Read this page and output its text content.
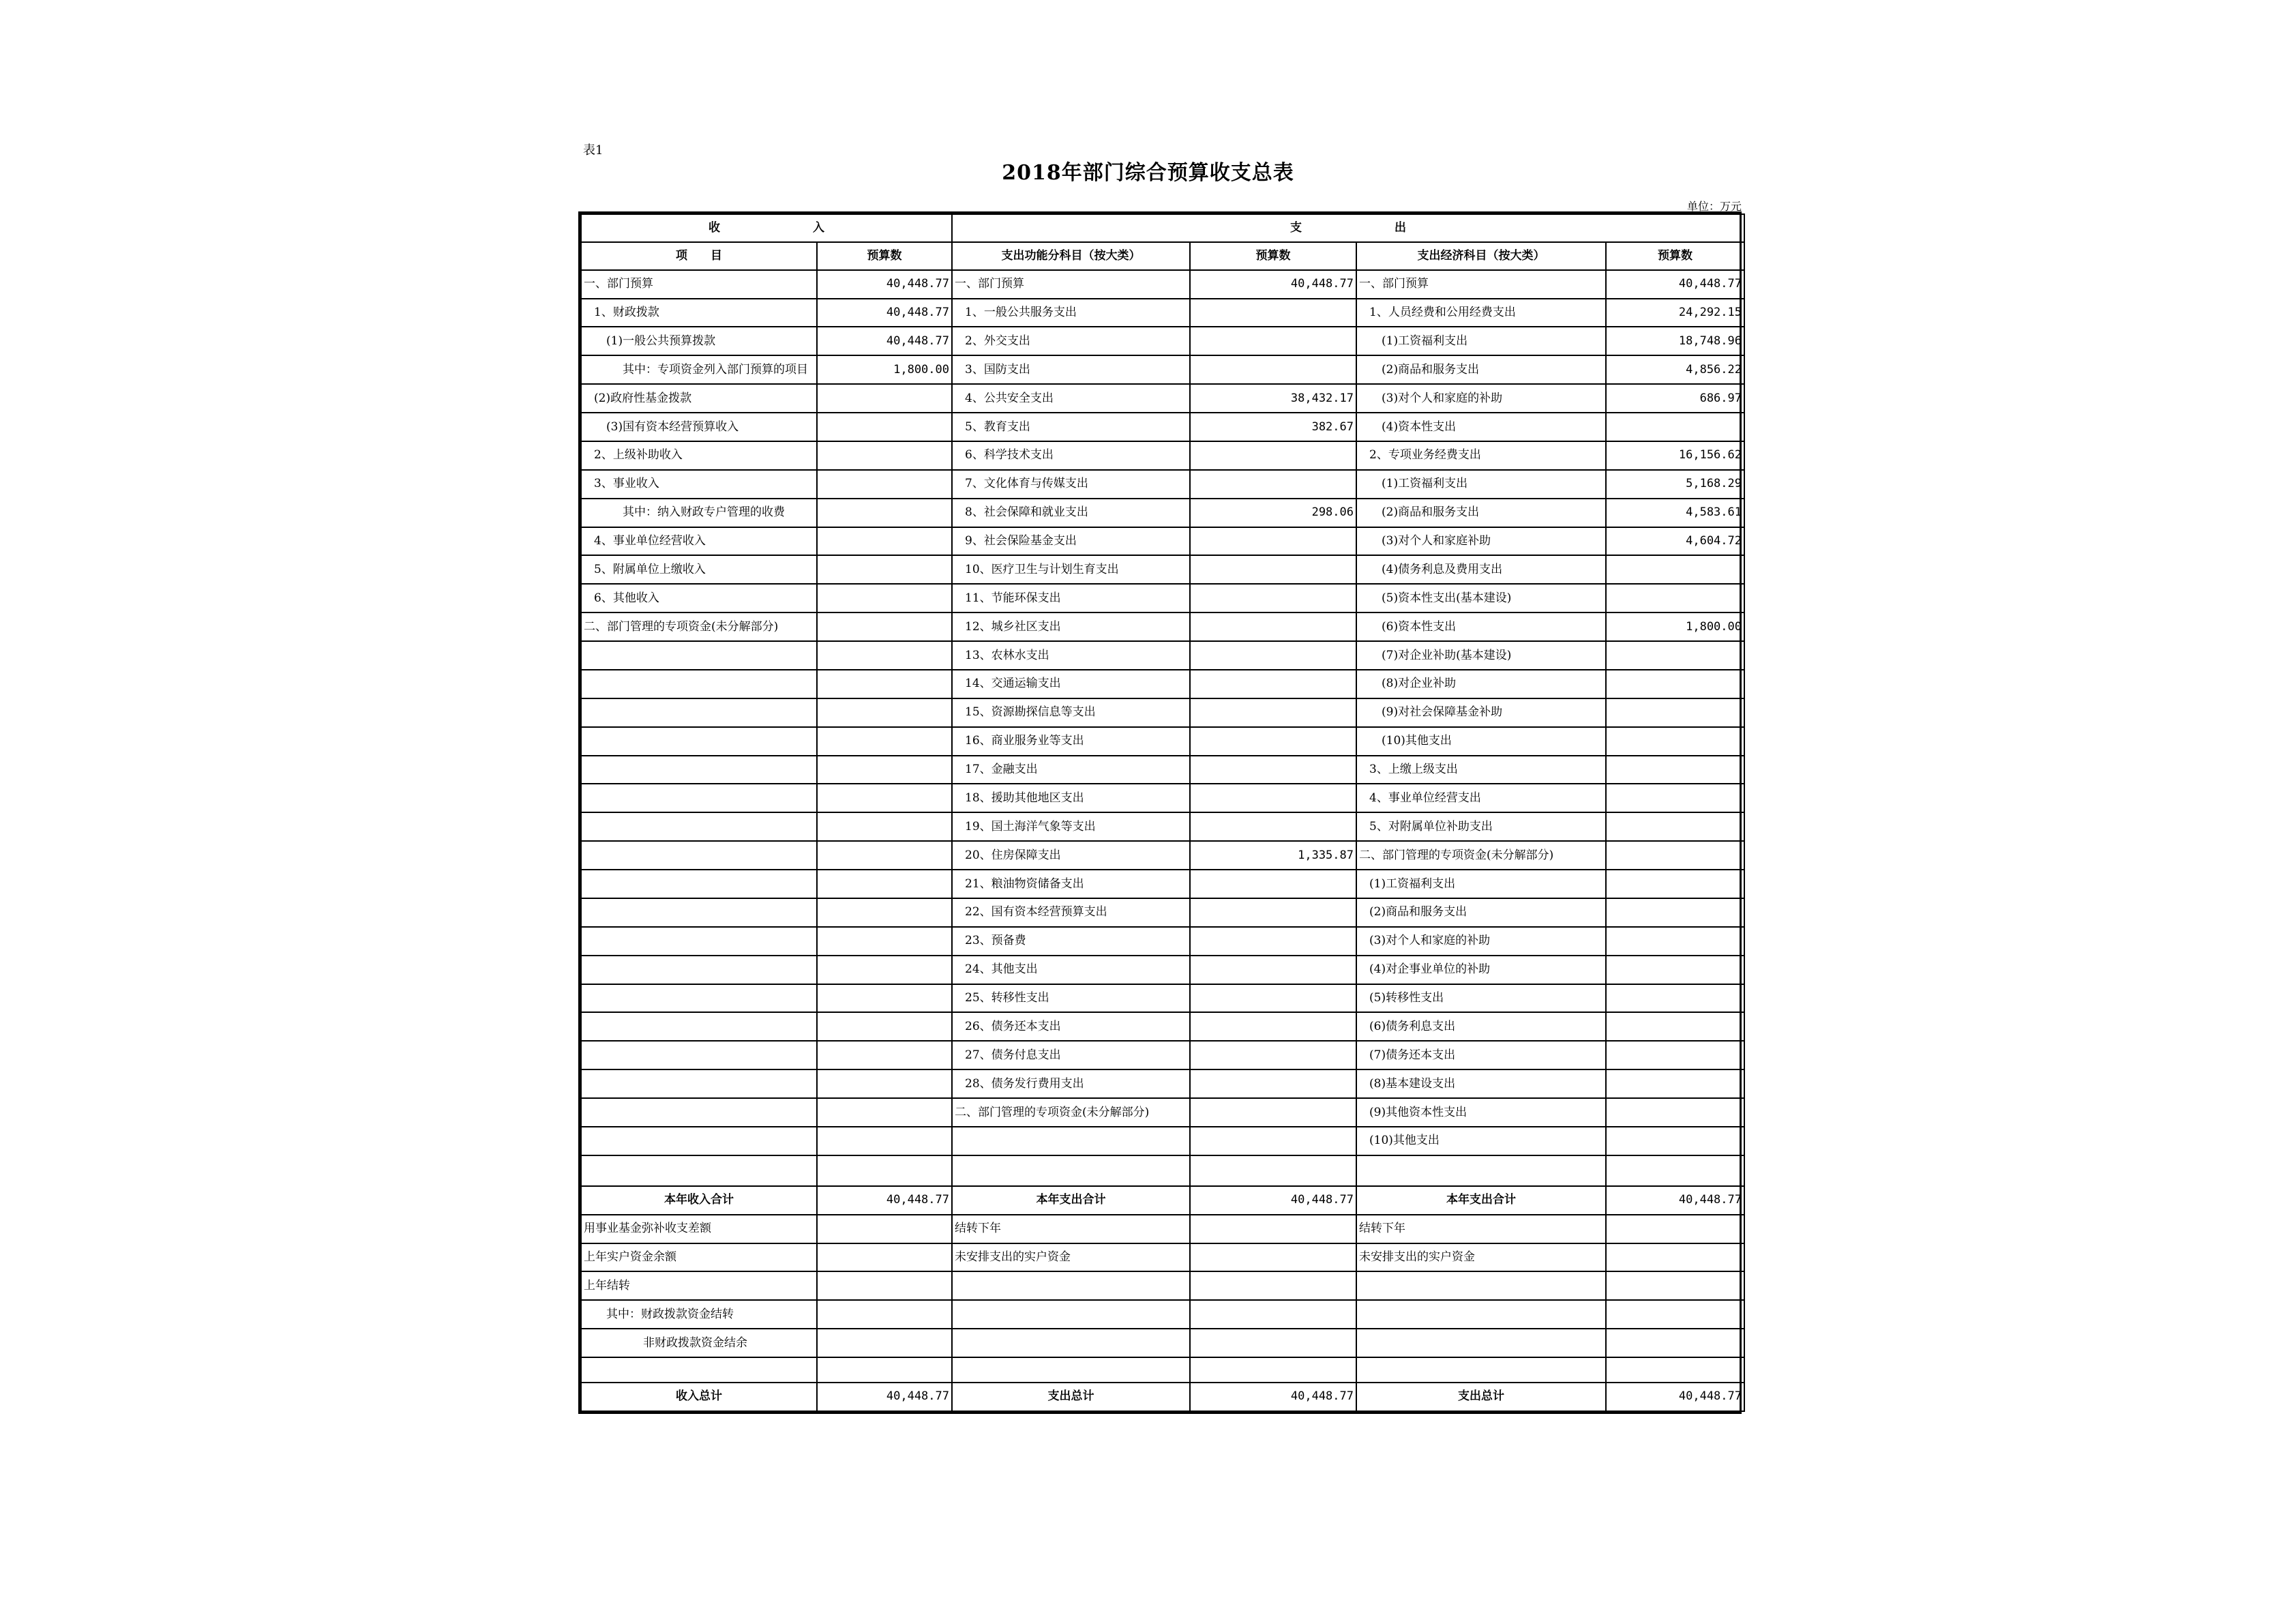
表1
2018年部门综合预算收支总表
单位：万元
收　　　　　　　　入		支　　　　　　　　出			
项　　目	预算数	支出功能分科目（按大类）	预算数	支出经济科目（按大类）	预算数
一、部门预算	40,448.77	一、部门预算	40,448.77	一、部门预算	40,448.77
1、财政拨款	40,448.77	1、一般公共服务支出		1、人员经费和公用经费支出	24,292.15
(1)一般公共预算拨款	40,448.77	2、外交支出		(1)工资福利支出	18,748.96
其中：专项资金列入部门预算的项目	1,800.00	3、国防支出		(2)商品和服务支出	4,856.22
(2)政府性基金拨款		4、公共安全支出	38,432.17	(3)对个人和家庭的补助	686.97
(3)国有资本经营预算收入		5、教育支出	382.67	(4)资本性支出	
2、上级补助收入		6、科学技术支出		2、专项业务经费支出	16,156.62
3、事业收入		7、文化体育与传媒支出		(1)工资福利支出	5,168.29
其中：纳入财政专户管理的收费		8、社会保障和就业支出	298.06	(2)商品和服务支出	4,583.61
4、事业单位经营收入		9、社会保险基金支出		(3)对个人和家庭补助	4,604.72
5、附属单位上缴收入		10、医疗卫生与计划生育支出		(4)债务利息及费用支出	
6、其他收入		11、节能环保支出		(5)资本性支出(基本建设)	
二、部门管理的专项资金(未分解部分)		12、城乡社区支出		(6)资本性支出	1,800.00
		13、农林水支出		(7)对企业补助(基本建设)	
		14、交通运输支出		(8)对企业补助	
		15、资源勘探信息等支出		(9)对社会保障基金补助	
		16、商业服务业等支出		(10)其他支出	
		17、金融支出		3、上缴上级支出	
		18、援助其他地区支出		4、事业单位经营支出	
		19、国土海洋气象等支出		5、对附属单位补助支出	
		20、住房保障支出	1,335.87	二、部门管理的专项资金(未分解部分)	
		21、粮油物资储备支出		(1)工资福利支出	
		22、国有资本经营预算支出		(2)商品和服务支出	
		23、预备费		(3)对个人和家庭的补助	
		24、其他支出		(4)对企事业单位的补助	
		25、转移性支出		(5)转移性支出	
		26、债务还本支出		(6)债务利息支出	
		27、债务付息支出		(7)债务还本支出	
		28、债务发行费用支出		(8)基本建设支出	
		二、部门管理的专项资金(未分解部分)		(9)其他资本性支出	
				(10)其他支出	

本年收入合计	40,448.77	本年支出合计	40,448.77	本年支出合计	40,448.77
用事业基金弥补收支差额		结转下年		结转下年	
上年实户资金余额		未安排支出的实户资金		未安排支出的实户资金	
上年结转					
其中：财政拨款资金结转					
非财政拨款资金结余					

收入总计	40,448.77	支出总计	40,448.77	支出总计	40,448.77
